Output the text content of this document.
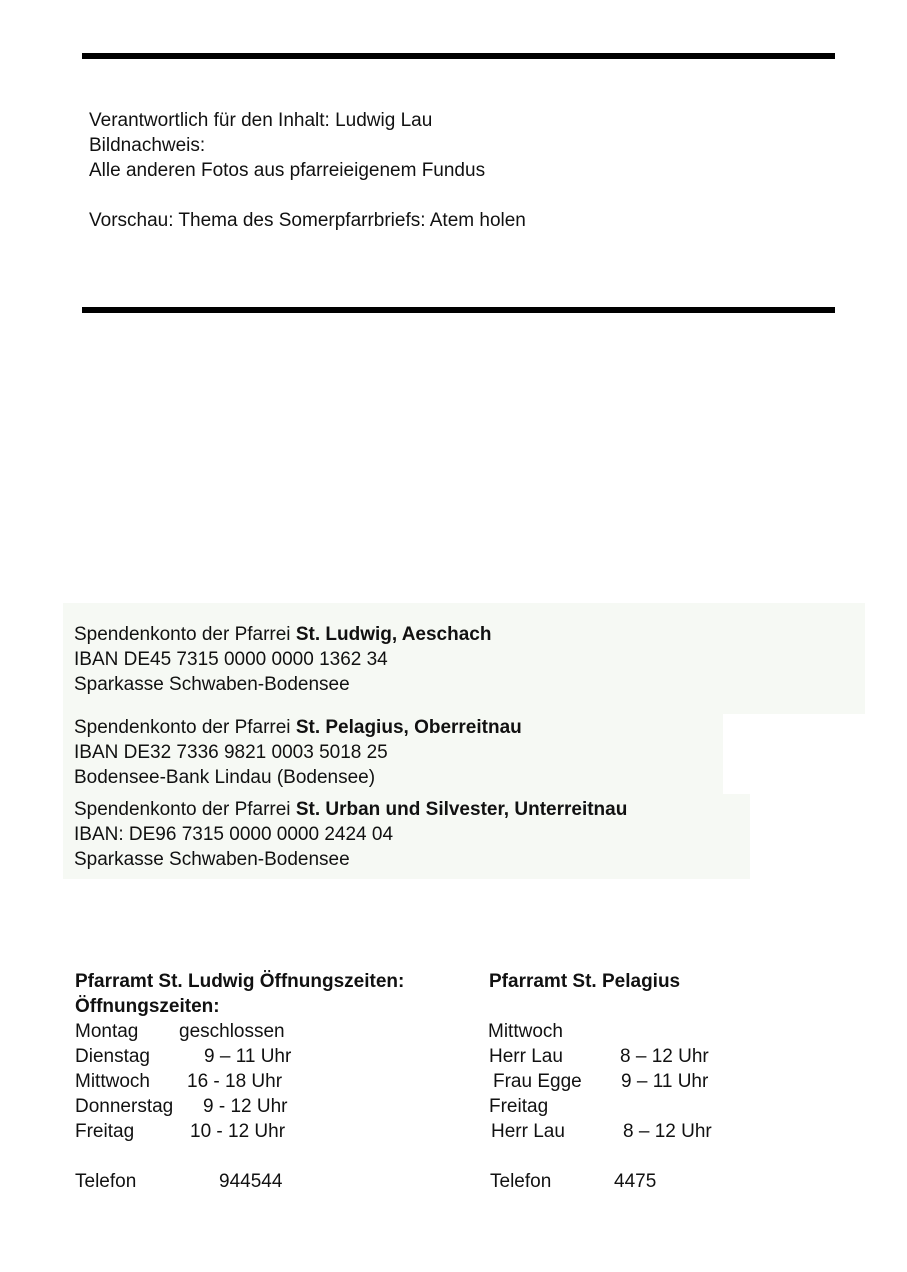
Verantwortlich für den Inhalt: Ludwig Lau
Bildnachweis:
Alle anderen Fotos aus pfarreieigenem Fundus
Vorschau: Thema des Somerpfarrbriefs: Atem holen
Spendenkonto der Pfarrei St. Ludwig, Aeschach
IBAN DE45 7315 0000 0000 1362 34
Sparkasse Schwaben-Bodensee
Spendenkonto der Pfarrei St. Pelagius, Oberreitnau
IBAN DE32 7336 9821 0003 5018 25
Bodensee-Bank Lindau (Bodensee)
Spendenkonto der Pfarrei St. Urban und Silvester, Unterreitnau
IBAN: DE96 7315 0000 0000 2424 04
Sparkasse Schwaben-Bodensee
Pfarramt St. Ludwig Öffnungszeiten:
Öffnungszeiten:
Montag geschlossen
Dienstag	9 – 11 Uhr
Mittwoch 16 - 18 Uhr
Donnerstag 9 - 12 Uhr
Freitag	10 - 12 Uhr
Telefon	944544
Pfarramt St. Pelagius
Mittwoch
Herr Lau	8 – 12 Uhr
Frau Egge 9 – 11 Uhr
Freitag
Herr Lau	8 – 12 Uhr
Telefon	4475
